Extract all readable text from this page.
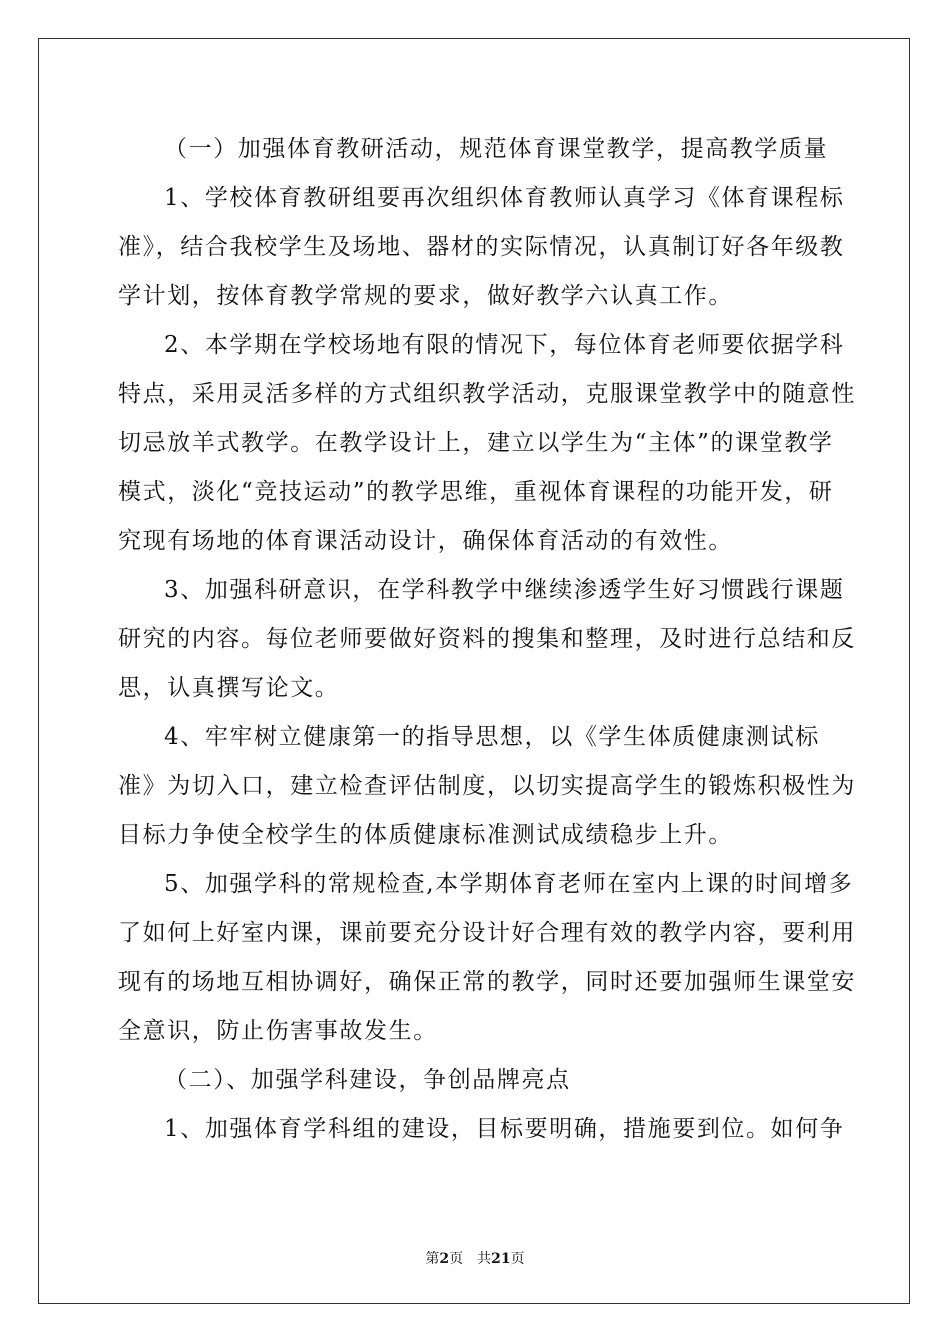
（一）加强体育教研活动，规范体育课堂教学，提高教学质量
1、学校体育教研组要再次组织体育教师认真学习《体育课程标
准》，结合我校学生及场地、器材的实际情况，认真制订好各年级教
学计划，按体育教学常规的要求，做好教学六认真工作。
2、本学期在学校场地有限的情况下，每位体育老师要依据学科
特点，采用灵活多样的方式组织教学活动，克服课堂教学中的随意性
切忌放羊式教学。在教学设计上，建立以学生为“主体”的课堂教学
模式，淡化“竞技运动”的教学思维，重视体育课程的功能开发，研
究现有场地的体育课活动设计，确保体育活动的有效性。
3、加强科研意识，在学科教学中继续渗透学生好习惯践行课题
研究的内容。每位老师要做好资料的搜集和整理，及时进行总结和反
思，认真撰写论文。
4、牢牢树立健康第一的指导思想，以《学生体质健康测试标
准》为切入口，建立检查评估制度，以切实提高学生的锻炼积极性为
目标力争使全校学生的体质健康标准测试成绩稳步上升。
5、加强学科的常规检查,本学期体育老师在室内上课的时间增多
了如何上好室内课，课前要充分设计好合理有效的教学内容，要利用
现有的场地互相协调好，确保正常的教学，同时还要加强师生课堂安
全意识，防止伤害事故发生。
（二）、加强学科建设，争创品牌亮点
1、加强体育学科组的建设，目标要明确，措施要到位。如何争
第2页　共21页
